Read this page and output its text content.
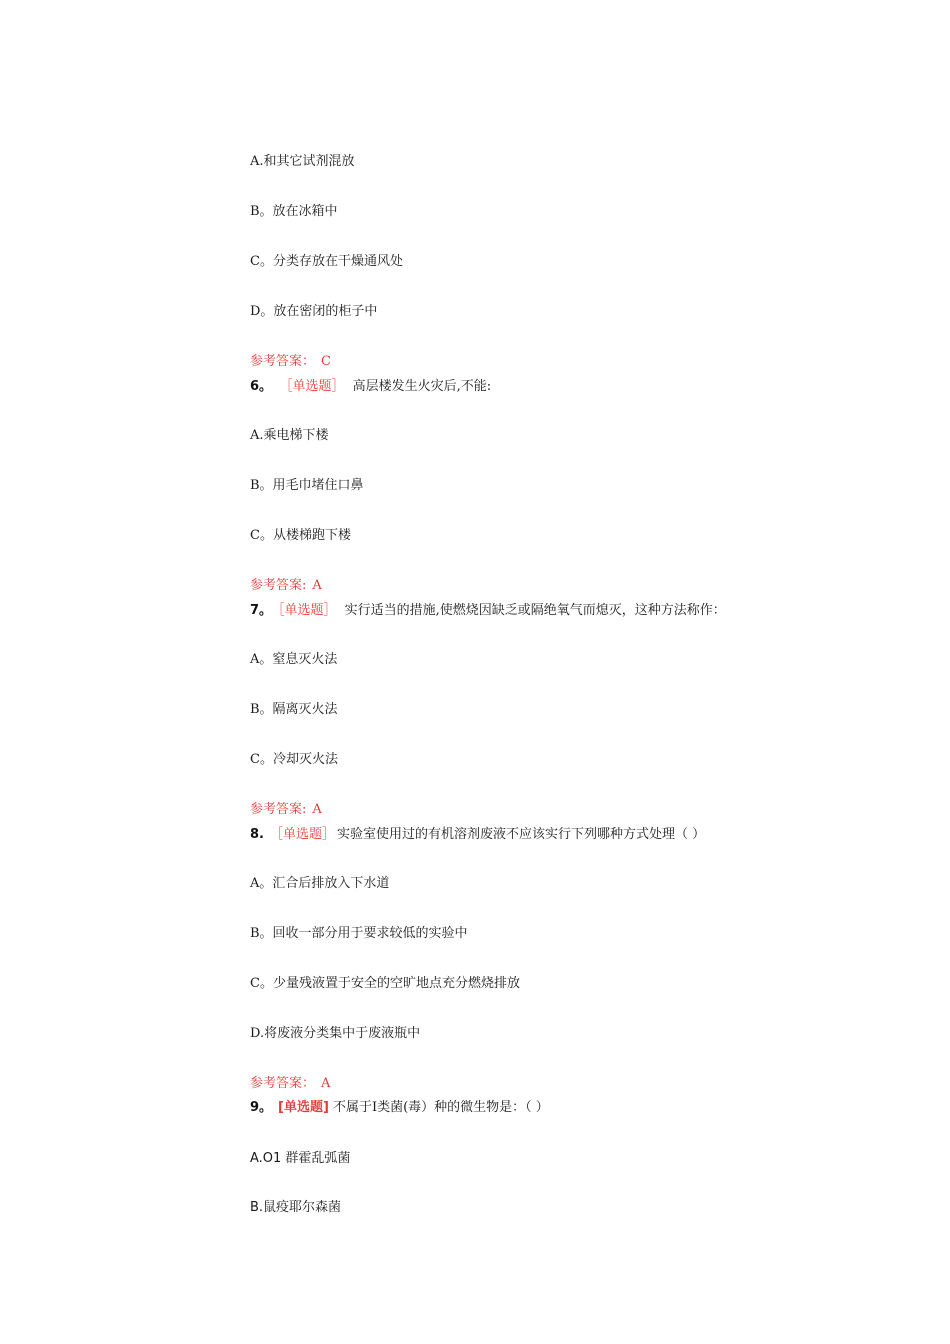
A.和其它试剂混放
B。放在冰箱中
C。分类存放在干燥通风处
D。放在密闭的柜子中
参考答案： C
6。 ［单选题］ 高层楼发生火灾后,不能:
A.乘电梯下楼
B。用毛巾堵住口鼻
C。从楼梯跑下楼
参考答案: A
7。 ［单选题］ 实行适当的措施,使燃烧因缺乏或隔绝氧气而熄灭，这种方法称作：
A。窒息灭火法
B。隔离灭火法
C。冷却灭火法
参考答案: A
8. ［单选题］ 实验室使用过的有机溶剂废液不应该实行下列哪种方式处理（ ）
A。汇合后排放入下水道
B。回收一部分用于要求较低的实验中
C。少量残液置于安全的空旷地点充分燃烧排放
D.将废液分类集中于废液瓶中
参考答案： A
9。 [单选题] 不属于Ⅰ类菌(毒）种的微生物是：（ ）
A.O1 群霍乱弧菌
B.鼠疫耶尔森菌
